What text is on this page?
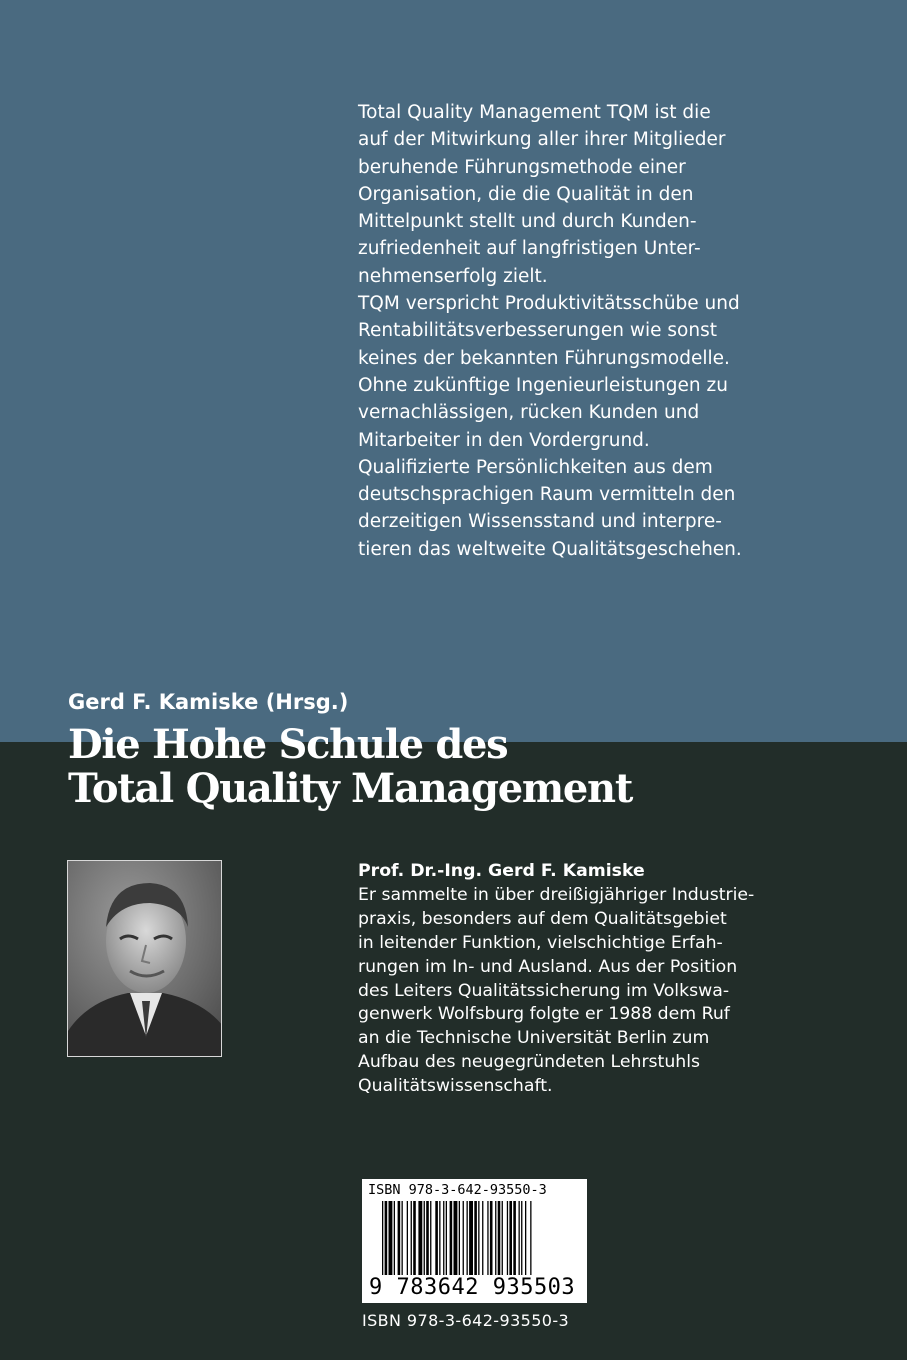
Total Quality Management TQM ist die
auf der Mitwirkung aller ihrer Mitglieder
beruhende Führungsmethode einer
Organisation, die die Qualität in den
Mittelpunkt stellt und durch Kunden-
zufriedenheit auf langfristigen Unter-
nehmenserfolg zielt.
TQM verspricht Produktivitätsschübe und
Rentabilitätsverbesserungen wie sonst
keines der bekannten Führungsmodelle.
Ohne zukünftige Ingenieurleistungen zu
vernachlässigen, rücken Kunden und
Mitarbeiter in den Vordergrund.
Qualifizierte Persönlichkeiten aus dem
deutschsprachigen Raum vermitteln den
derzeitigen Wissensstand und interpre-
tieren das weltweite Qualitätsgeschehen.
Gerd F. Kamiske (Hrsg.)
Die Hohe Schule des
Total Quality Management
Prof. Dr.-Ing. Gerd F. Kamiske
Er sammelte in über dreißigjähriger Industrie-
praxis, besonders auf dem Qualitätsgebiet
in leitender Funktion, vielschichtige Erfah-
rungen im In- und Ausland. Aus der Position
des Leiters Qualitätssicherung im Volkswa-
genwerk Wolfsburg folgte er 1988 dem Ruf
an die Technische Universität Berlin zum
Aufbau des neugegründeten Lehrstuhls
Qualitätswissenschaft.
ISBN 978-3-642-93550-3
9 783642 935503
ISBN 978-3-642-93550-3
